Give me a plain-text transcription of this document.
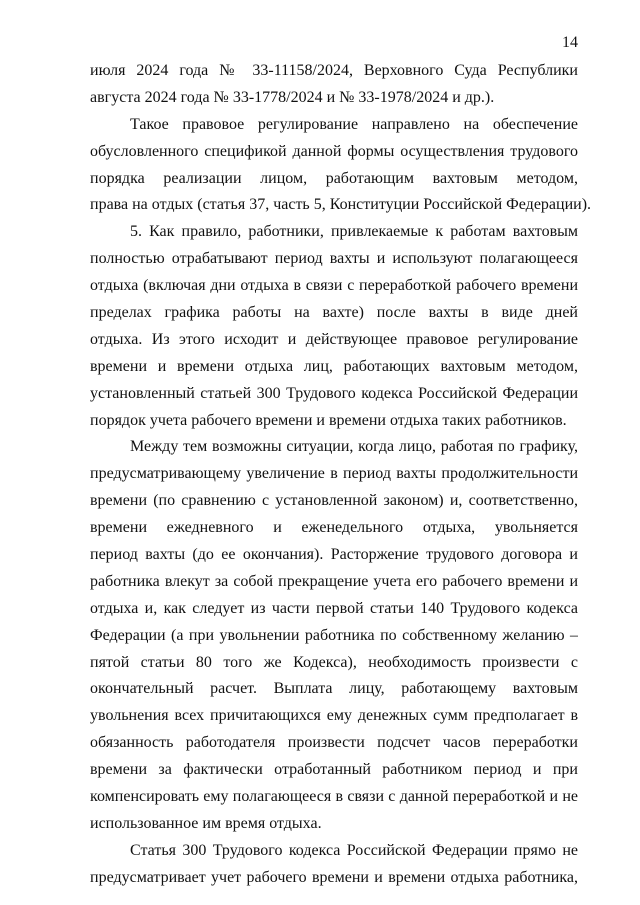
14
июля 2024 года № 33-11158/2024, Верховного Суда Республики
августа 2024 года № 33-1778/2024 и № 33-1978/2024 и др.).
Такое правовое регулирование направлено на обеспечение
обусловленного спецификой данной формы осуществления трудового
порядка реализации лицом, работающим вахтовым методом,
права на отдых (статья 37, часть 5, Конституции Российской Федерации).
5. Как правило, работники, привлекаемые к работам вахтовым
полностью отрабатывают период вахты и используют полагающееся
отдыха (включая дни отдыха в связи с переработкой рабочего времени
пределах графика работы на вахте) после вахты в виде дней
отдыха. Из этого исходит и действующее правовое регулирование
времени и времени отдыха лиц, работающих вахтовым методом,
установленный статьей 300 Трудового кодекса Российской Федерации
порядок учета рабочего времени и времени отдыха таких работников.
Между тем возможны ситуации, когда лицо, работая по графику,
предусматривающему увеличение в период вахты продолжительности
времени (по сравнению с установленной законом) и, соответственно,
времени ежедневного и еженедельного отдыха, увольняется
период вахты (до ее окончания). Расторжение трудового договора и
работника влекут за собой прекращение учета его рабочего времени и
отдыха и, как следует из части первой статьи 140 Трудового кодекса
Федерации (а при увольнении работника по собственному желанию –
пятой статьи 80 того же Кодекса), необходимость произвести с
окончательный расчет. Выплата лицу, работающему вахтовым
увольнения всех причитающихся ему денежных сумм предполагает в
обязанность работодателя произвести подсчет часов переработки
времени за фактически отработанный работником период и при
компенсировать ему полагающееся в связи с данной переработкой и не
использованное им время отдыха.
Статья 300 Трудового кодекса Российской Федерации прямо не
предусматривает учет рабочего времени и времени отдыха работника,
